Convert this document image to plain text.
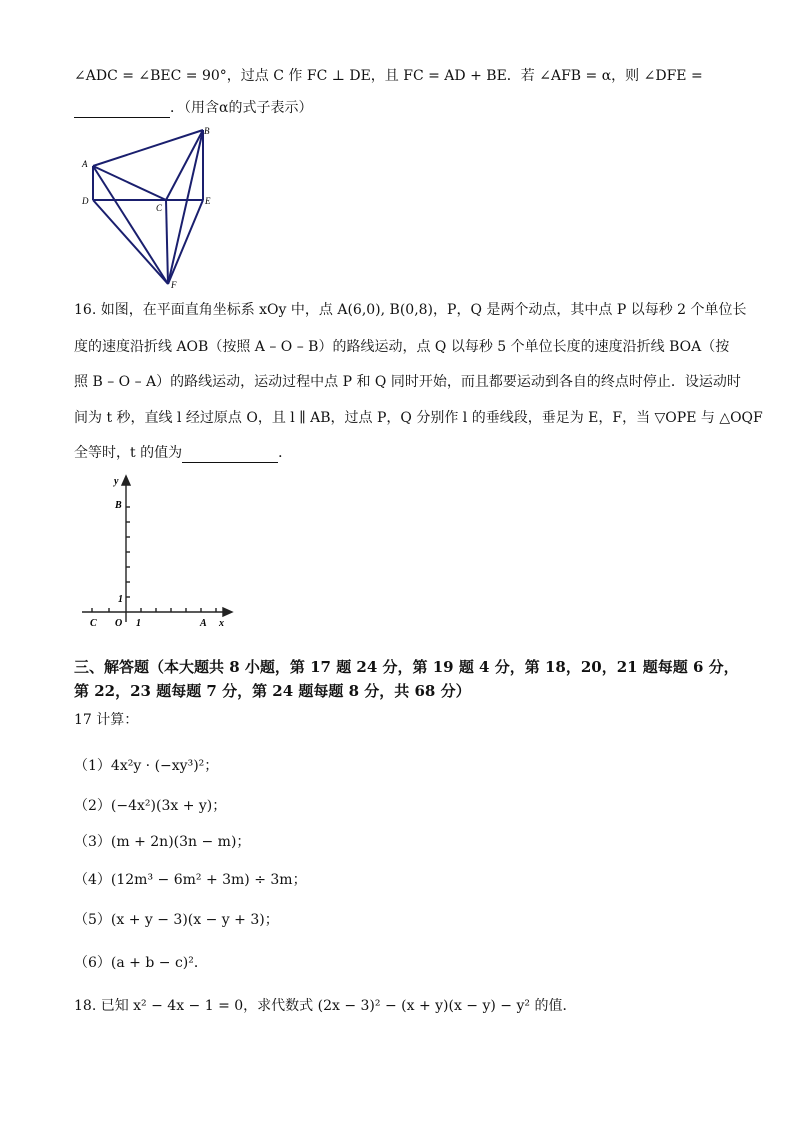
∠ADC = ∠BEC = 90°，过点 C 作 FC ⊥ DE，且 FC = AD + BE．若 ∠AFB = α，则 ∠DFE =
．（用含α的式子表示）
A
B
C
D	E
F
16. 如图，在平面直角坐标系 xOy 中，点 A(6,0), B(0,8)，P，Q 是两个动点，其中点 P 以每秒 2 个单位长
度的速度沿折线 AOB（按照 A – O – B）的路线运动，点 Q 以每秒 5 个单位长度的速度沿折线 BOA（按
照 B – O – A）的路线运动，运动过程中点 P 和 Q 同时开始，而且都要运动到各自的终点时停止．设运动时
间为 t 秒，直线 l 经过原点 O，且 l ∥ AB，过点 P，Q 分别作 l 的垂线段，垂足为 E，F，当 ▽OPE 与 △OQF
全等时，t 的值为	．
y
B
1
C O 1	A x
三、解答题（本大题共 8 小题，第 17 题 24 分，第 19 题 4 分，第 18，20，21 题每题 6 分，
第 22，23 题每题 7 分，第 24 题每题 8 分，共 68 分）
17 计算：
（1）4x²y · (−xy³)²；
（2）(−4x²)(3x + y)；
（3）(m + 2n)(3n − m)；
（4）(12m³ − 6m² + 3m) ÷ 3m；
（5）(x + y − 3)(x − y + 3)；
（6）(a + b − c)²．
18. 已知 x² − 4x − 1 = 0，求代数式 (2x − 3)² − (x + y)(x − y) − y² 的值．
